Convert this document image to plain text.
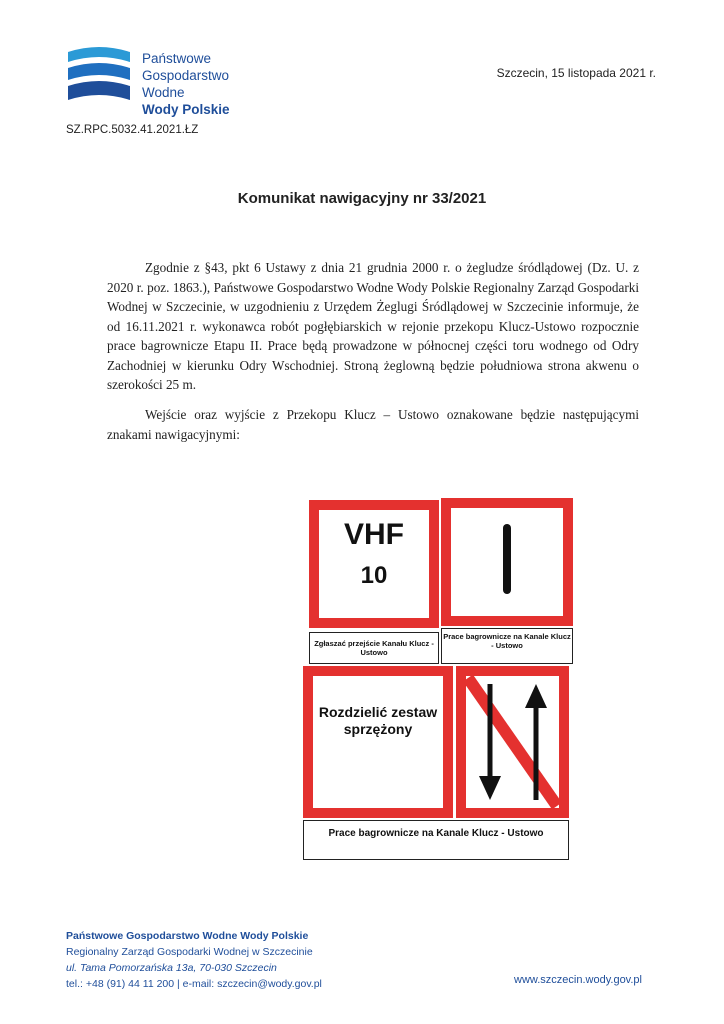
Państwowe
Gospodarstwo Wodne
Wody Polskie
Szczecin, 15 listopada 2021 r.
SZ.RPC.5032.41.2021.ŁZ
Komunikat nawigacyjny nr 33/2021
Zgodnie z §43, pkt 6 Ustawy z dnia 21 grudnia 2000 r. o żegludze śródlądowej (Dz. U. z 2020 r. poz. 1863.), Państwowe Gospodarstwo Wodne Wody Polskie Regionalny Zarząd Gospodarki Wodnej w Szczecinie, w uzgodnieniu z Urzędem Żeglugi Śródlądowej w Szczecinie informuje, że od 16.11.2021 r. wykonawca robót pogłębiarskich w rejonie przekopu Klucz-Ustowo rozpocznie prace bagrownicze Etapu II. Prace będą prowadzone w północnej części toru wodnego od Odry Zachodniej w kierunku Odry Wschodniej. Stroną żeglowną będzie południowa strona akwenu o szerokości 25 m.
Wejście oraz wyjście z Przekopu Klucz – Ustowo oznakowane będzie następującymi znakami nawigacyjnymi:
VHF
10
Zgłaszać przejście Kanału Klucz - Ustowo
Prace bagrownicze na Kanale Klucz - Ustowo
Rozdzielić zestaw sprzężony
Prace bagrownicze na Kanale Klucz - Ustowo
Państwowe Gospodarstwo Wodne Wody Polskie
Regionalny Zarząd Gospodarki Wodnej w Szczecinie
ul. Tama Pomorzańska 13a, 70-030 Szczecin
tel.: +48 (91) 44 11 200 | e-mail: szczecin@wody.gov.pl	www.szczecin.wody.gov.pl
